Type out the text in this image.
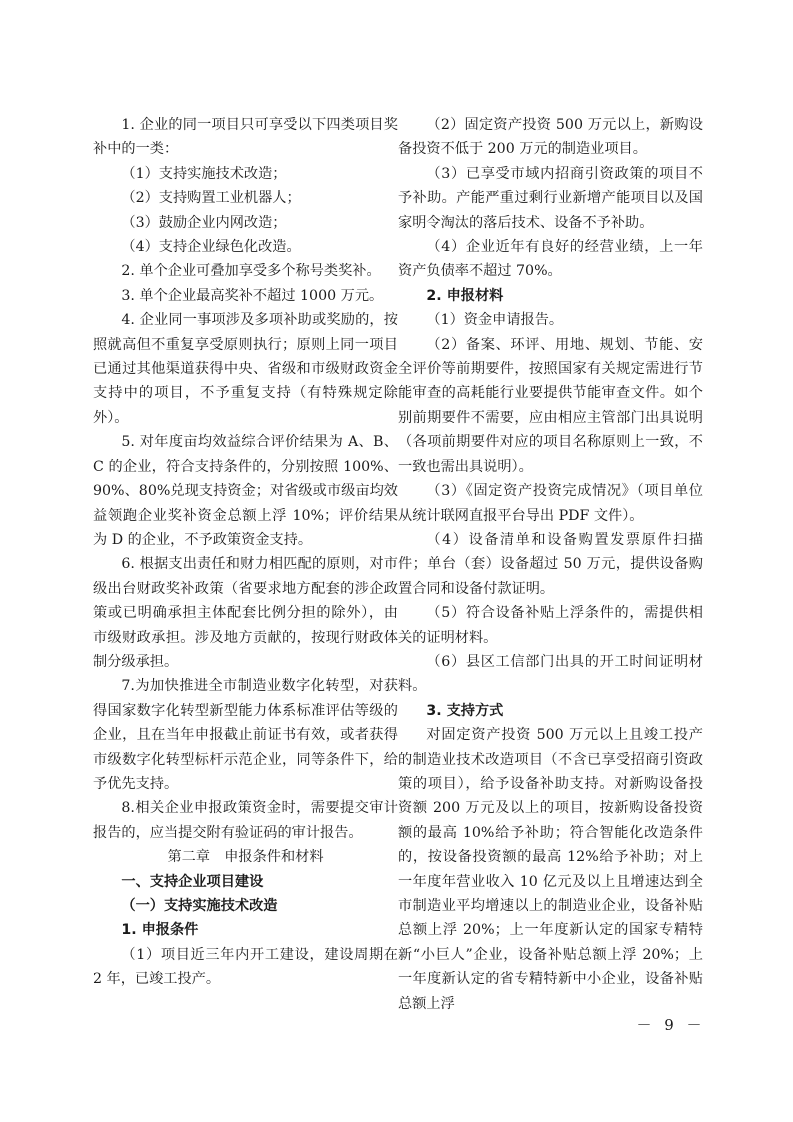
1. 企业的同一项目只可享受以下四类项目奖补中的一类：

（1）支持实施技术改造；

（2）支持购置工业机器人；

（3）鼓励企业内网改造；

（4）支持企业绿色化改造。

2. 单个企业可叠加享受多个称号类奖补。

3. 单个企业最高奖补不超过 1000 万元。

4. 企业同一事项涉及多项补助或奖励的，按照就高但不重复享受原则执行；原则上同一项目已通过其他渠道获得中央、省级和市级财政资金支持中的项目，不予重复支持（有特殊规定除外）。

5. 对年度亩均效益综合评价结果为 A、B、C 的企业，符合支持条件的，分别按照 100%、90%、80%兑现支持资金；对省级或市级亩均效益领跑企业奖补资金总额上浮 10%；评价结果为 D 的企业，不予政策资金支持。

6. 根据支出责任和财力相匹配的原则，对市级出台财政奖补政策（省要求地方配套的涉企政策或已明确承担主体配套比例分担的除外），由市级财政承担。涉及地方贡献的，按现行财政体制分级承担。

7.为加快推进全市制造业数字化转型，对获得国家数字化转型新型能力体系标准评估等级的企业，且在当年申报截止前证书有效，或者获得市级数字化转型标杆示范企业，同等条件下，给予优先支持。

8.相关企业申报政策资金时，需要提交审计报告的，应当提交附有验证码的审计报告。

第二章　申报条件和材料

一、支持企业项目建设

（一）支持实施技术改造

1. 申报条件

（1）项目近三年内开工建设，建设周期在 2 年，已竣工投产。

（2）固定资产投资 500 万元以上，新购设备投资不低于 200 万元的制造业项目。

（3）已享受市域内招商引资政策的项目不予补助。产能严重过剩行业新增产能项目以及国家明令淘汰的落后技术、设备不予补助。

（4）企业近年有良好的经营业绩，上一年资产负债率不超过 70%。

2. 申报材料

（1）资金申请报告。

（2）备案、环评、用地、规划、节能、安全评价等前期要件，按照国家有关规定需进行节能审查的高耗能行业要提供节能审查文件。如个别前期要件不需要，应由相应主管部门出具说明（各项前期要件对应的项目名称原则上一致，不一致也需出具说明）。

（3）《固定资产投资完成情况》（项目单位从统计联网直报平台导出 PDF 文件）。

（4）设备清单和设备购置发票原件扫描件；单台（套）设备超过 50 万元，提供设备购置合同和设备付款证明。

（5）符合设备补贴上浮条件的，需提供相关的证明材料。

（6）县区工信部门出具的开工时间证明材料。

3. 支持方式

对固定资产投资 500 万元以上且竣工投产的制造业技术改造项目（不含已享受招商引资政策的项目），给予设备补助支持。对新购设备投资额 200 万元及以上的项目，按新购设备投资额的最高 10%给予补助；符合智能化改造条件的，按设备投资额的最高 12%给予补助；对上一年度年营业收入 10 亿元及以上且增速达到全市制造业平均增速以上的制造业企业，设备补贴总额上浮 20%；上一年度新认定的国家专精特新“小巨人”企业，设备补贴总额上浮 20%；上一年度新认定的省专精特新中小企业，设备补贴总额上浮

－ 9 －
